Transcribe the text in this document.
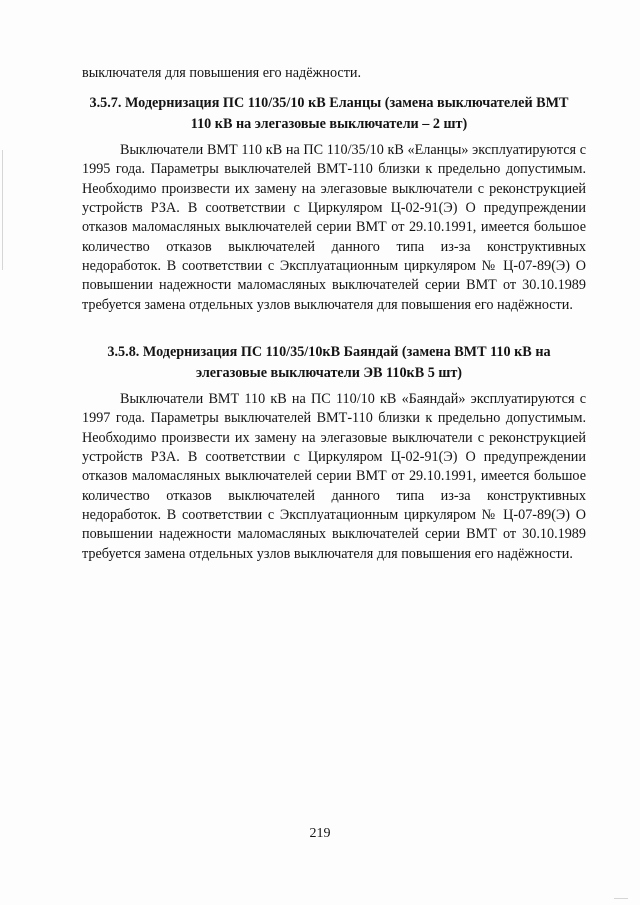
выключателя для повышения его надёжности.
3.5.7. Модернизация ПС 110/35/10 кВ Еланцы (замена выключателей ВМТ 110 кВ на элегазовые выключатели – 2 шт)
Выключатели ВМТ 110 кВ на ПС 110/35/10 кВ «Еланцы» эксплуатируются с 1995 года. Параметры выключателей ВМТ-110 близки к предельно допустимым. Необходимо произвести их замену на элегазовые выключатели с реконструкцией устройств РЗА. В соответствии с Циркуляром Ц-02-91(Э) О предупреждении отказов маломасляных выключателей серии ВМТ от 29.10.1991, имеется большое количество отказов выключателей данного типа из-за конструктивных недоработок. В соответствии с Эксплуатационным циркуляром № Ц-07-89(Э) О повышении надежности маломасляных выключателей серии ВМТ от 30.10.1989 требуется замена отдельных узлов выключателя для повышения его надёжности.
3.5.8. Модернизация ПС 110/35/10кВ Баяндай (замена ВМТ 110 кВ на элегазовые выключатели ЭВ 110кВ 5 шт)
Выключатели ВМТ 110 кВ на ПС 110/10 кВ «Баяндай» эксплуатируются с 1997 года. Параметры выключателей ВМТ-110 близки к предельно допустимым. Необходимо произвести их замену на элегазовые выключатели с реконструкцией устройств РЗА. В соответствии с Циркуляром Ц-02-91(Э) О предупреждении отказов маломасляных выключателей серии ВМТ от 29.10.1991, имеется большое количество отказов выключателей данного типа из-за конструктивных недоработок. В соответствии с Эксплуатационным циркуляром № Ц-07-89(Э) О повышении надежности маломасляных выключателей серии ВМТ от 30.10.1989 требуется замена отдельных узлов выключателя для повышения его надёжности.
219
